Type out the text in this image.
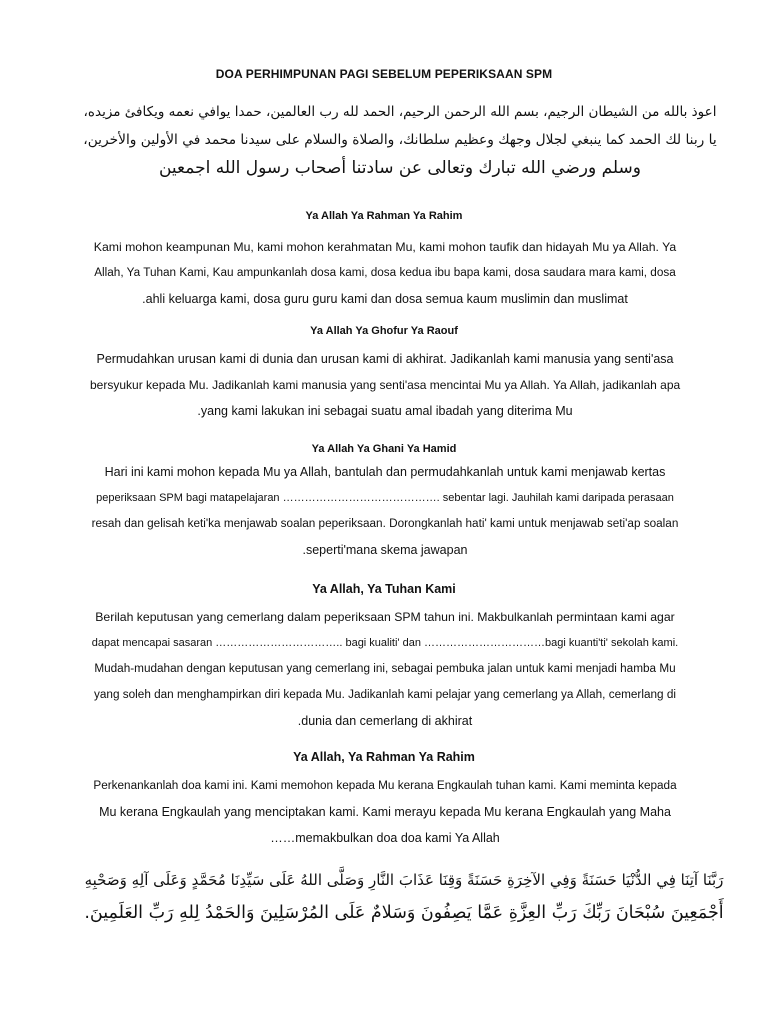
DOA PERHIMPUNAN PAGI SEBELUM PEPERIKSAAN SPM
اعوذ بالله من الشيطان الرجيم، بسم الله الرحمن الرحيم، الحمد لله رب العالمين، حمدا يوافي نعمه ويكافئ مزيده،
يا ربنا لك الحمد كما ينبغي لجلال وجهك وعظيم سلطانك، والصلاة والسلام على سيدنا محمد في الأولين والأخرين،
وسلم ورضي الله تبارك وتعالى عن سادتنا أصحاب رسول الله اجمعين
Ya Allah Ya Rahman Ya Rahim
Kami mohon keampunan Mu, kami mohon kerahmatan Mu, kami mohon taufik dan hidayah Mu ya Allah. Ya
Allah, Ya Tuhan Kami, Kau ampunkanlah dosa kami, dosa kedua ibu bapa kami, dosa saudara mara kami, dosa
.ahli keluarga kami, dosa guru guru kami dan dosa semua kaum muslimin dan muslimat
Ya Allah Ya Ghofur Ya Raouf
Permudahkan urusan kami di dunia dan urusan kami di akhirat. Jadikanlah kami manusia yang senti'asa
bersyukur kepada Mu. Jadikanlah kami manusia yang senti'asa mencintai Mu ya Allah. Ya Allah, jadikanlah apa
.yang kami lakukan ini sebagai suatu amal ibadah yang diterima Mu
Ya Allah Ya Ghani Ya Hamid
Hari ini kami mohon kepada Mu ya Allah, bantulah dan permudahkanlah untuk kami menjawab kertas
peperiksaan SPM bagi matapelajaran ……………………………………. sebentar lagi. Jauhilah kami daripada perasaan
resah dan gelisah keti'ka menjawab soalan peperiksaan. Dorongkanlah hati' kami untuk menjawab seti'ap soalan
.seperti'mana skema jawapan
Ya Allah, Ya Tuhan Kami
Berilah keputusan yang cemerlang dalam peperiksaan SPM tahun ini. Makbulkanlah permintaan kami agar
dapat mencapai sasaran …………………………….. bagi kualiti' dan ……………………………bagi kuanti'ti' sekolah kami.
Mudah-mudahan dengan keputusan yang cemerlang ini, sebagai pembuka jalan untuk kami menjadi hamba Mu
yang soleh dan menghampirkan diri kepada Mu. Jadikanlah kami pelajar yang cemerlang ya Allah, cemerlang di
.dunia dan cemerlang di akhirat
Ya Allah, Ya Rahman Ya Rahim
Perkenankanlah doa kami ini. Kami memohon kepada Mu kerana Engkaulah tuhan kami. Kami meminta kepada
Mu kerana Engkaulah yang menciptakan kami. Kami merayu kepada Mu kerana Engkaulah yang Maha
……memakbulkan doa doa kami Ya Allah
رَبَّنَا آتِنَا فِي الدُّنْيَا حَسَنَةً وَفِي الآخِرَةِ حَسَنَةً وَقِنَا عَذَابَ النَّارِ وَصَلَّى اللهُ عَلَى سَيِّدِنَا مُحَمَّدٍ وَعَلَى آلِهِ وَصَحْبِهِ
أَجْمَعِينَ سُبْحَانَ رَبِّكَ رَبِّ العِزَّةِ عَمَّا يَصِفُونَ وَسَلامٌ عَلَى المُرْسَلِينَ وَالحَمْدُ لِلهِ رَبِّ العَلَمِينَ.
